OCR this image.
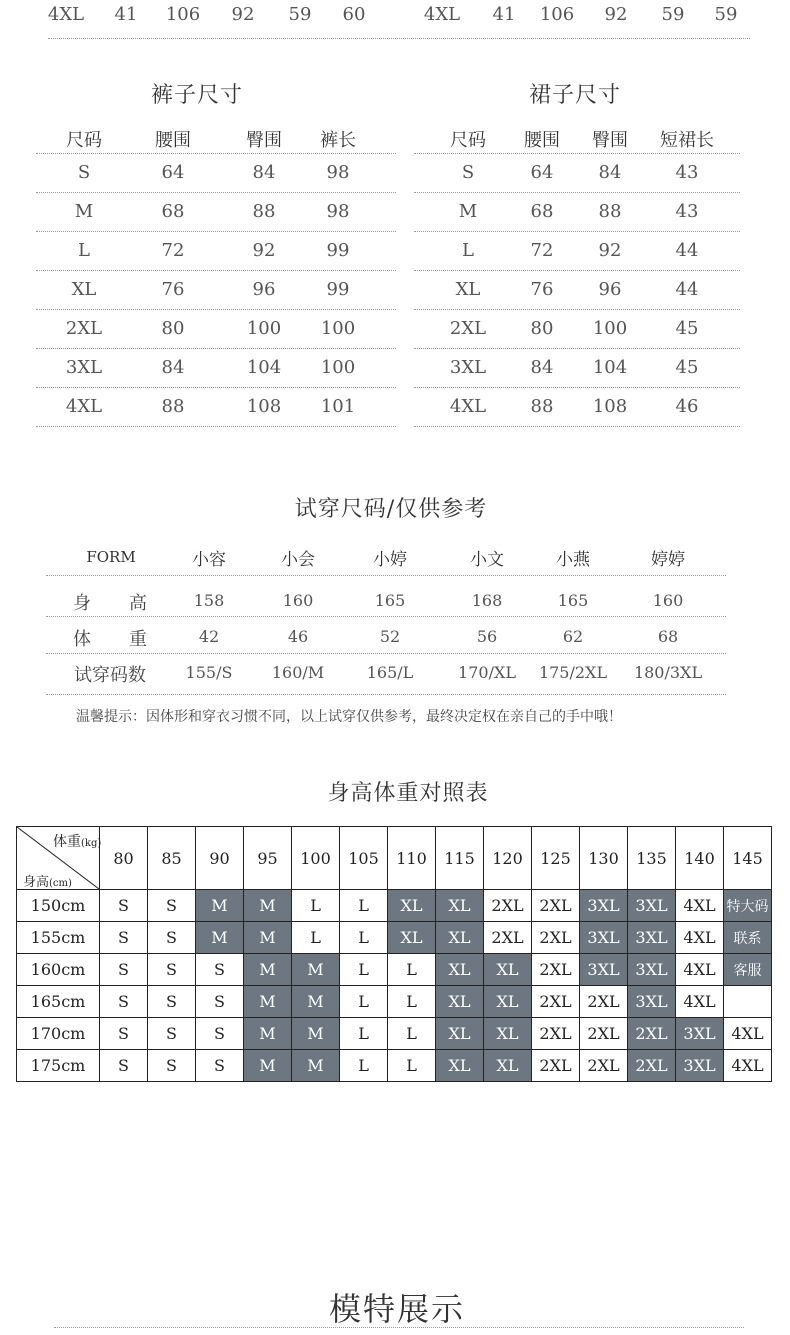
4XL 41 106 92 59 60	4XL 41 106 92 59 59
裤子尺寸	裙子尺寸
尺码	腰围	臀围 裤长
S	64	84	98
M	68	88	98
L	72	92	99
XL	76	96	99
2XL	80	100 100
3XL	84	104 100
4XL	88	108 101
尺码 腰围 臀围 短裙长
S	64	84	43
M	68	88	43
L	72	92	44
XL	76	96	44
2XL 80 100	45
3XL 84 104	45
4XL 88 108	46
试穿尺码/仅供参考
FORM	小容	小会	小婷	小文	小燕	婷婷
身 高	158	160	165	168	165	160
体 重	42	46	52	56	62	68
试穿码数 155/S 160/M	165/L	170/XL 175/2XL 180/3XL
温馨提示：因体形和穿衣习惯不同，以上试穿仅供参考，最终决定权在亲自己的手中哦！
身高体重对照表
体重(kg)
身高(cm)	80	85	90	95	100	105	110	115	120	125	130	135	140	145
150cm	S	S	M	M	L	L	XL	XL	2XL	2XL	3XL	3XL	4XL	特大码
155cm	S	S	M	M	L	L	XL	XL	2XL	2XL	3XL	3XL	4XL	联系
160cm	S	S	S	M	M	L	L	XL	XL	2XL	3XL	3XL	4XL	客服
165cm	S	S	S	M	M	L	L	XL	XL	2XL	2XL	3XL	4XL	
170cm	S	S	S	M	M	L	L	XL	XL	2XL	2XL	2XL	3XL	4XL
175cm	S	S	S	M	M	L	L	XL	XL	2XL	2XL	2XL	3XL	4XL
模特展示
